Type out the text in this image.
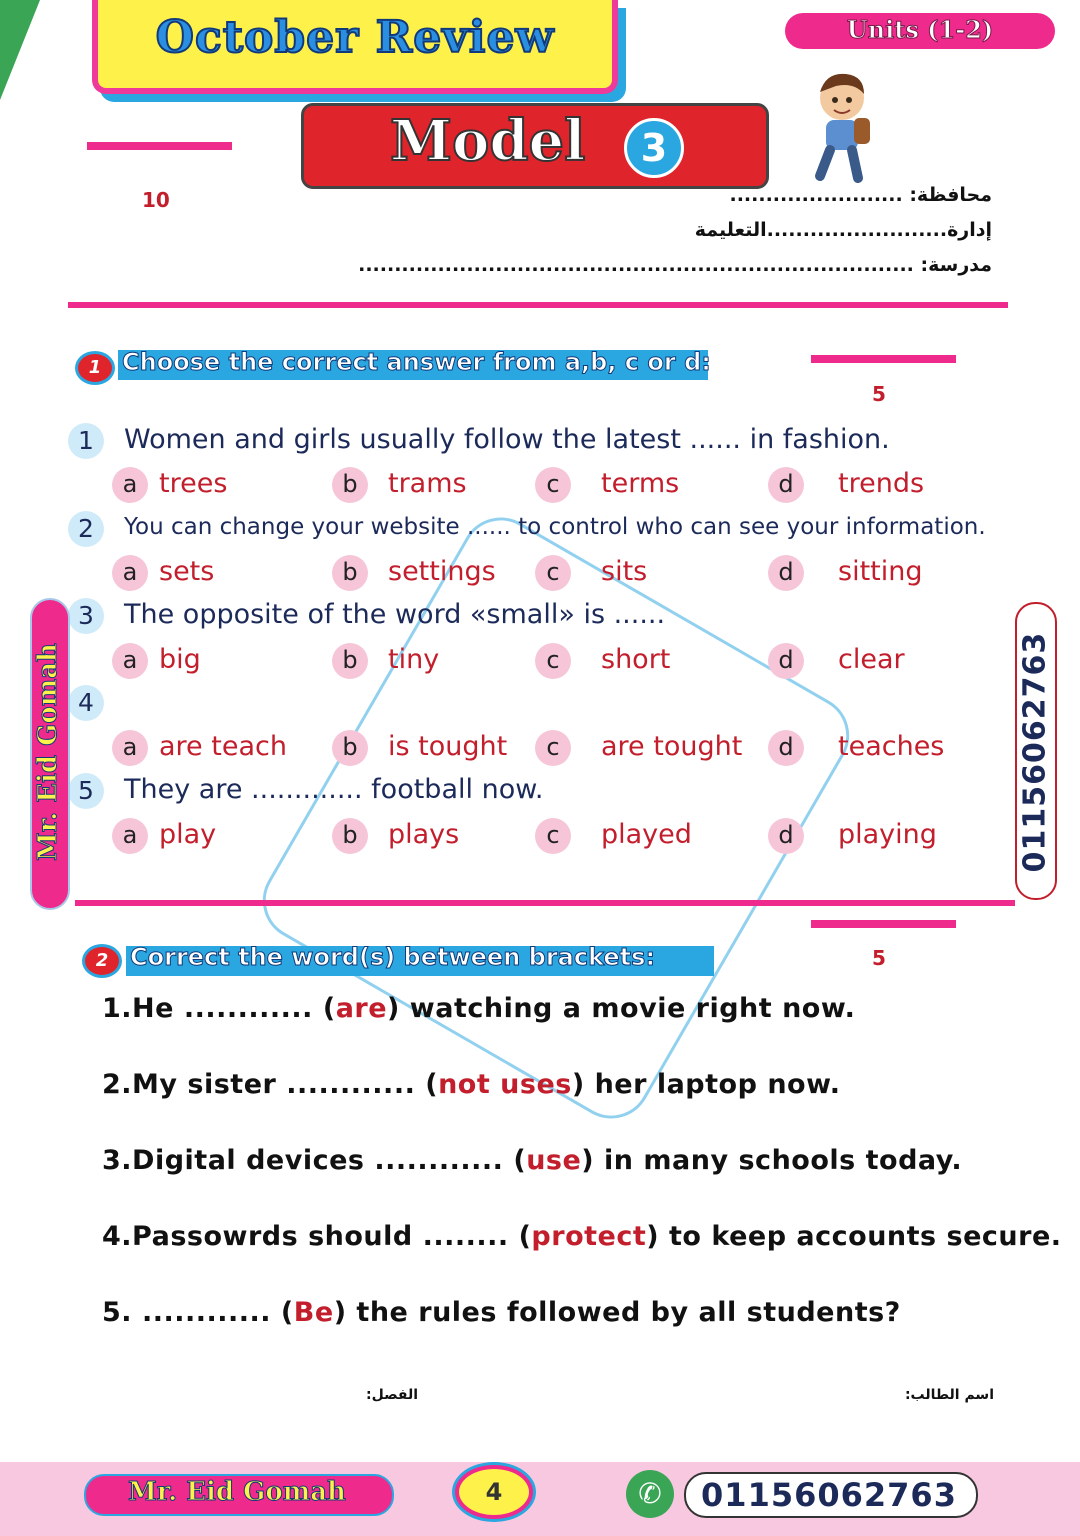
October Review	Units (1-2)
10
Model	3
محافظة: ........................
إدارة.........................التعليمة
مدرسة: .............................................................................
1 Choose the correct answer from a,b, c or d:
5
1	Women and girls usually follow the latest ...... in fashion.
a trees	b	trams	c	terms	d	trends
2	You can change your website ...... to control who can see your information.
a sets	b	settings	c	sits	d	sitting
3	The opposite of the word «small» is ......
a big	b	tiny	c	short	d	clear
4
a are teach	b	is tought	c	are tought	d	teaches
5	They are ............. football now.
a play	b	plays	c	played	d	playing
Mr. Eid Gomah	01156062763
2 Correct the word(s) between brackets:	5
1.He ............ (are) watching a movie right now.
2.My sister ............ (not uses) her laptop now.
3.Digital devices ............ (use) in many schools today.
4.Passowrds should ........ (protect) to keep accounts secure.
5. ............ (Be) the rules followed by all students?
الفصل:	اسم الطالب:
Mr. Eid Gomah	4	✆	01156062763
